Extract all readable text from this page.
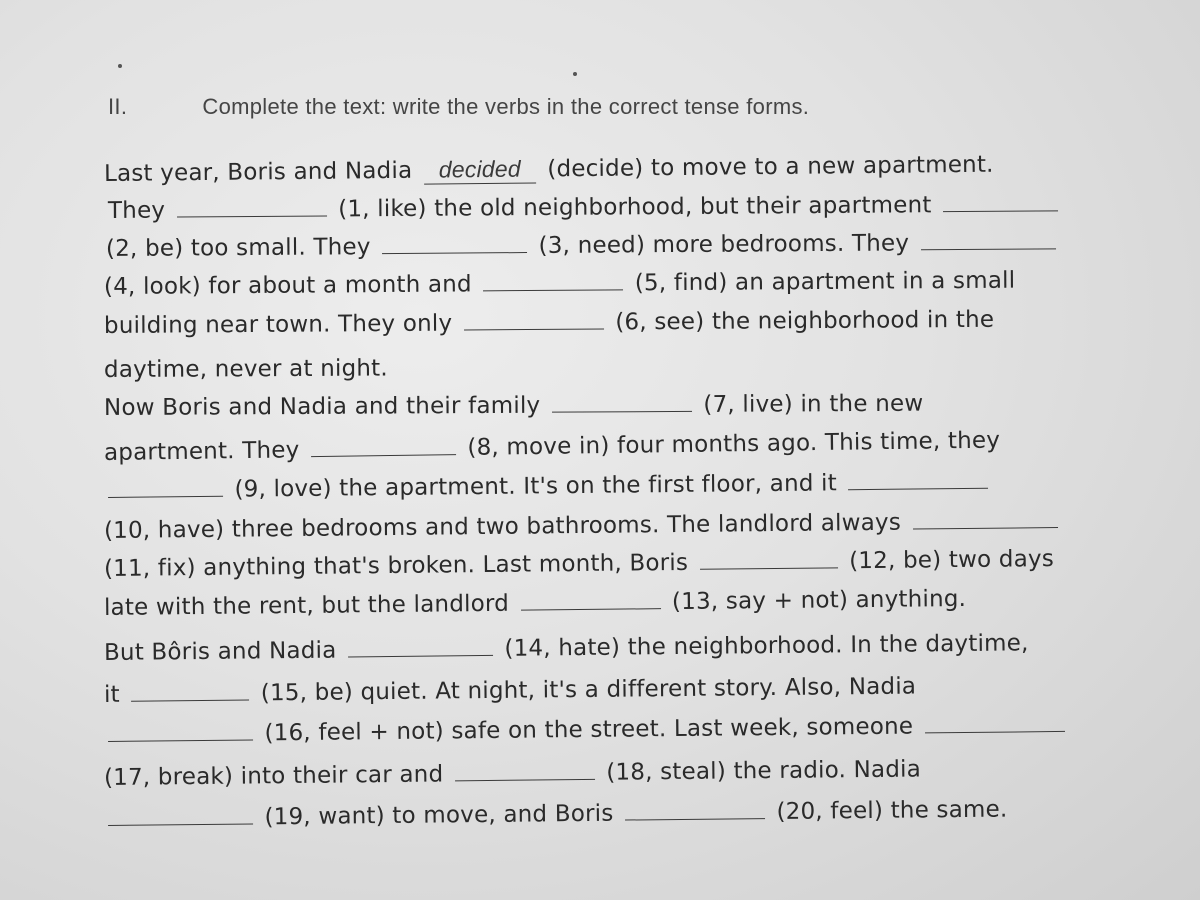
II.	Complete the text: write the verbs in the correct tense forms.
Last year, Boris and Nadia decided (decide) to move to a new apartment.
They	(1, like) the old neighborhood, but their apartment
(2, be) too small. They	(3, need) more bedrooms. They
(4, look) for about a month and	(5, find) an apartment in a small
building near town. They only	(6, see) the neighborhood in the
daytime, never at night.
Now Boris and Nadia and their family	(7, live) in the new
apartment. They	(8, move in) four months ago. This time, they
(9, love) the apartment. It's on the first floor, and it
(10, have) three bedrooms and two bathrooms. The landlord always
(11, fix) anything that's broken. Last month, Boris	(12, be) two days
late with the rent, but the landlord	(13, say + not) anything.
But Bôris and Nadia	(14, hate) the neighborhood. In the daytime,
it	(15, be) quiet. At night, it's a different story. Also, Nadia
(16, feel + not) safe on the street. Last week, someone
(17, break) into their car and	(18, steal) the radio. Nadia
(19, want) to move, and Boris	(20, feel) the same.
